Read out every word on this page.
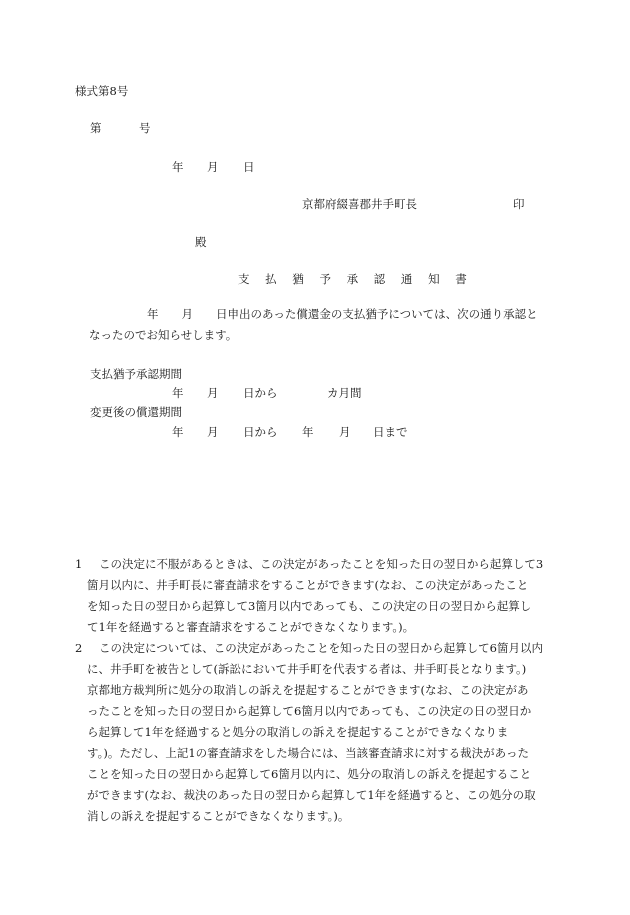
様式第8号
第	号
年 月 日
京都府綴喜郡井手町長	印
殿
支 払 猶 予 承 認 通 知 書
年　　月　　日申出のあった償還金の支払猶予については、次の通り承認と
なったのでお知らせします。
支払猶予承認期間
年 月 日から	カ月間
変更後の償還期間
年 月 日から 年 月 日まで
1	この決定に不服があるときは、この決定があったことを知った日の翌日から起算して3
箇月以内に、井手町長に審査請求をすることができます(なお、この決定があったこと
を知った日の翌日から起算して3箇月以内であっても、この決定の日の翌日から起算し
て1年を経過すると審査請求をすることができなくなります。)。
2	この決定については、この決定があったことを知った日の翌日から起算して6箇月以内
に、井手町を被告として(訴訟において井手町を代表する者は、井手町長となります。)
京都地方裁判所に処分の取消しの訴えを提起することができます(なお、この決定があ
ったことを知った日の翌日から起算して6箇月以内であっても、この決定の日の翌日か
ら起算して1年を経過すると処分の取消しの訴えを提起することができなくなりま
す。)。ただし、上記1の審査請求をした場合には、当該審査請求に対する裁決があった
ことを知った日の翌日から起算して6箇月以内に、処分の取消しの訴えを提起すること
ができます(なお、裁決のあった日の翌日から起算して1年を経過すると、この処分の取
消しの訴えを提起することができなくなります。)。
